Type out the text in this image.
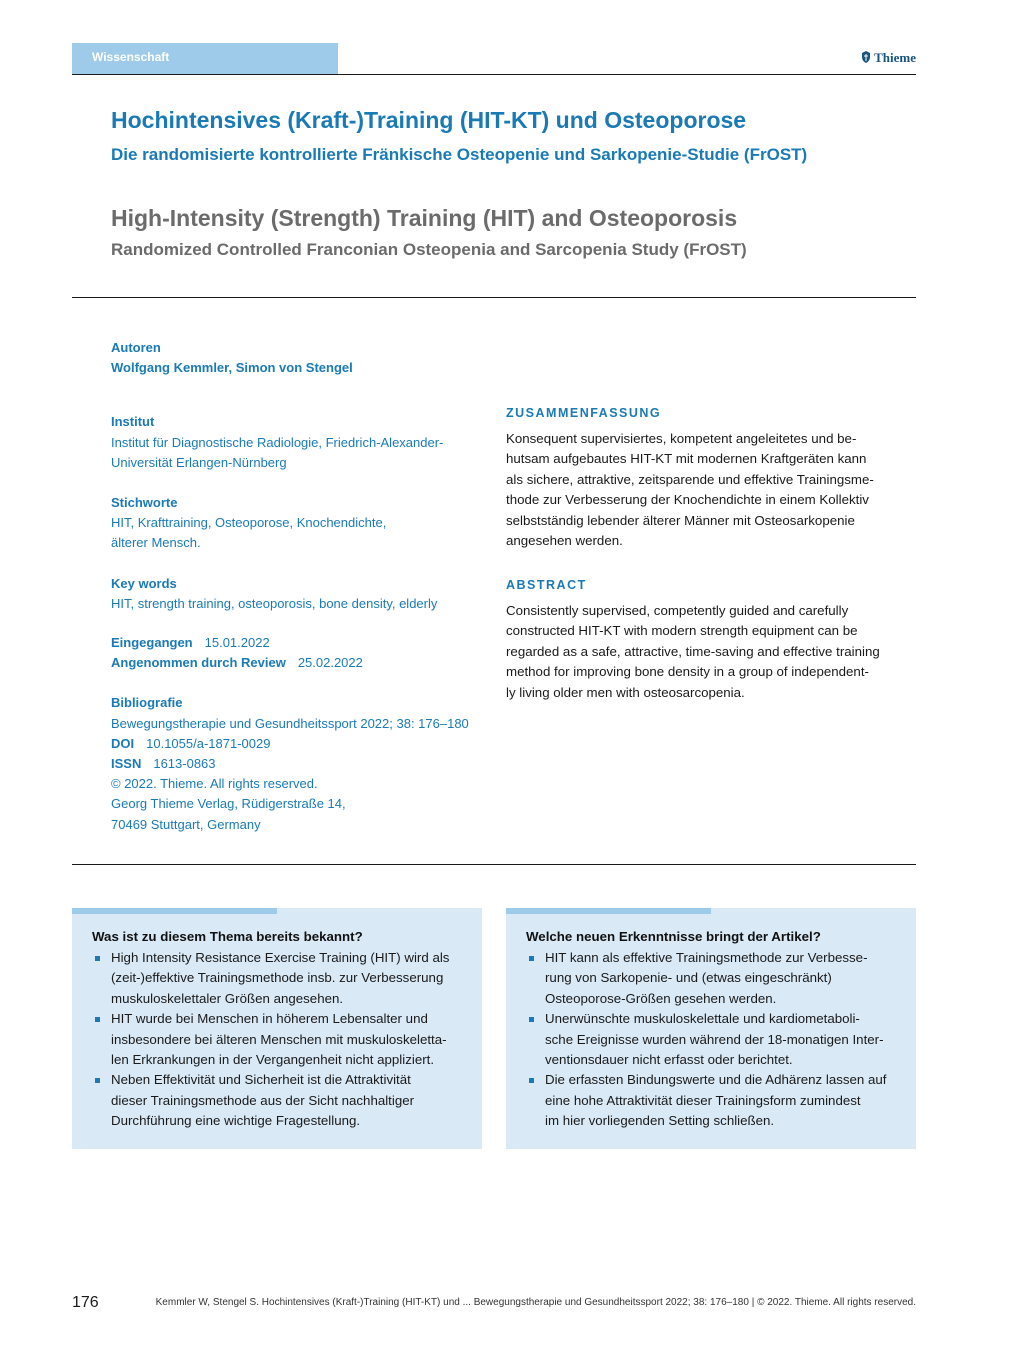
Wissenschaft	Thieme
Hochintensives (Kraft-)Training (HIT-KT) und Osteoporose
Die randomisierte kontrollierte Fränkische Osteopenie und Sarkopenie-Studie (FrOST)
High-Intensity (Strength) Training (HIT) and Osteoporosis
Randomized Controlled Franconian Osteopenia and Sarcopenia Study (FrOST)
Autoren
Wolfgang Kemmler, Simon von Stengel
Institut
Institut für Diagnostische Radiologie, Friedrich-Alexander-
Universität Erlangen-Nürnberg
Stichworte
HIT, Krafttraining, Osteoporose, Knochendichte,
älterer Mensch.
Key words
HIT, strength training, osteoporosis, bone density, elderly
Eingegangen 15.01.2022
Angenommen durch Review 25.02.2022
Bibliografie
Bewegungstherapie und Gesundheitssport 2022; 38: 176–180
DOI 10.1055/a-1871-0029
ISSN 1613-0863
© 2022. Thieme. All rights reserved.
Georg Thieme Verlag, Rüdigerstraße 14,
70469 Stuttgart, Germany
ZUSAMMENFASSUNG
Konsequent supervisiertes, kompetent angeleitetes und be-
hutsam aufgebautes HIT-KT mit modernen Kraftgeräten kann
als sichere, attraktive, zeitsparende und effektive Trainingsme-
thode zur Verbesserung der Knochendichte in einem Kollektiv
selbstständig lebender älterer Männer mit Osteosarkopenie
angesehen werden.
ABSTRACT
Consistently supervised, competently guided and carefully
constructed HIT-KT with modern strength equipment can be
regarded as a safe, attractive, time-saving and effective training
method for improving bone density in a group of independent-
ly living older men with osteosarcopenia.
Was ist zu diesem Thema bereits bekannt?
High Intensity Resistance Exercise Training (HIT) wird als
(zeit-)effektive Trainingsmethode insb. zur Verbesserung
muskuloskelettaler Größen angesehen.
HIT wurde bei Menschen in höherem Lebensalter und
insbesondere bei älteren Menschen mit muskuloskeletta-
len Erkrankungen in der Vergangenheit nicht appliziert.
Neben Effektivität und Sicherheit ist die Attraktivität
dieser Trainingsmethode aus der Sicht nachhaltiger
Durchführung eine wichtige Fragestellung.
Welche neuen Erkenntnisse bringt der Artikel?
HIT kann als effektive Trainingsmethode zur Verbesse-
rung von Sarkopenie- und (etwas eingeschränkt)
Osteoporose-Größen gesehen werden.
Unerwünschte muskuloskelettale und kardiometaboli-
sche Ereignisse wurden während der 18-monatigen Inter-
ventionsdauer nicht erfasst oder berichtet.
Die erfassten Bindungswerte und die Adhärenz lassen auf
eine hohe Attraktivität dieser Trainingsform zumindest
im hier vorliegenden Setting schließen.
176	Kemmler W, Stengel S. Hochintensives (Kraft-)Training (HIT-KT) und ... Bewegungstherapie und Gesundheitssport 2022; 38: 176–180 | © 2022. Thieme. All rights reserved.
